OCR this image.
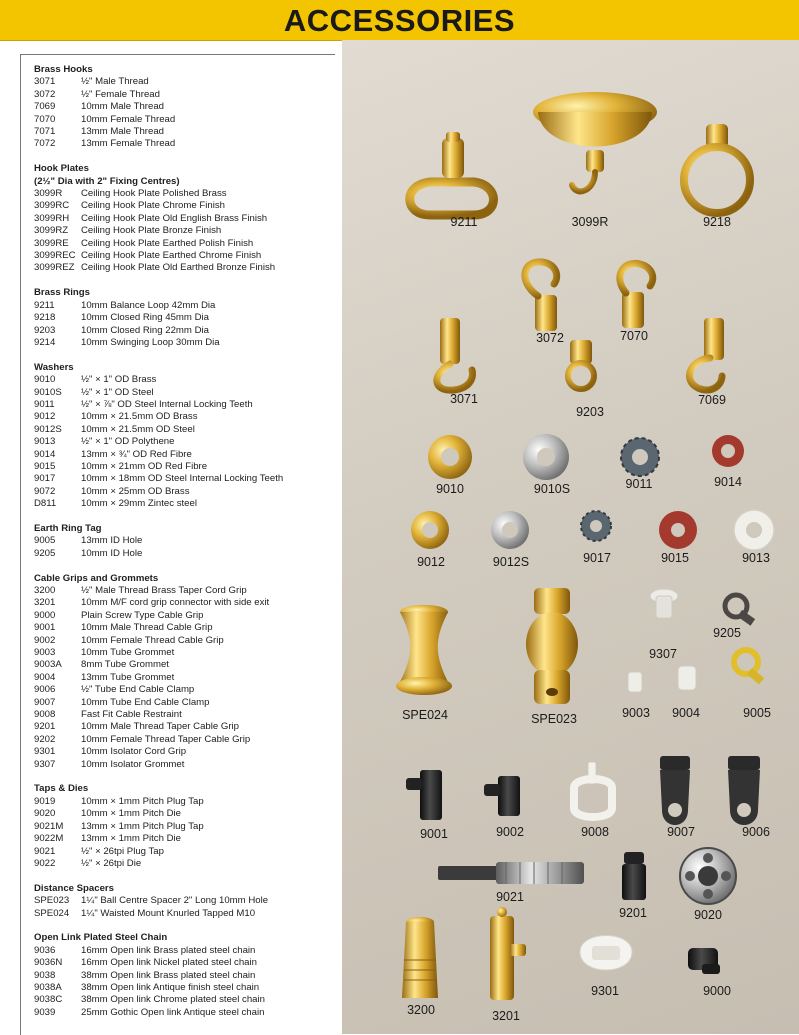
ACCESSORIES
Brass Hooks
3071	½" Male Thread
3072	½" Female Thread
7069	10mm Male Thread
7070	10mm Female Thread
7071	13mm Male Thread
7072	13mm Female Thread
Hook Plates
(2½" Dia with 2" Fixing Centres)
3099R Ceiling Hook Plate Polished Brass
3099RC Ceiling Hook Plate Chrome Finish
3099RH Ceiling Hook Plate Old English Brass Finish
3099RZ Ceiling Hook Plate Bronze Finish
3099RE Ceiling Hook Plate Earthed Polish Finish
3099REC Ceiling Hook Plate Earthed Chrome Finish
3099REZ Ceiling Hook Plate Old Earthed Bronze Finish
Brass Rings
9211	10mm Balance Loop 42mm Dia
9218	10mm Closed Ring 45mm Dia
9203	10mm Closed Ring 22mm Dia
9214	10mm Swinging Loop 30mm Dia
Washers
9010	½" × 1" OD Brass
9010S ½" × 1" OD Steel
9011	½" × ⅞" OD Steel Internal Locking Teeth
9012	10mm × 21.5mm OD Brass
9012S 10mm × 21.5mm OD Steel
9013	½" × 1" OD Polythene
9014	13mm × ¾" OD Red Fibre
9015	10mm × 21mm OD Red Fibre
9017	10mm × 18mm OD Steel Internal Locking Teeth
9072	10mm × 25mm OD Brass
D811	10mm × 29mm Zintec steel
Earth Ring Tag
9005	13mm ID Hole
9205	10mm ID Hole
Cable Grips and Grommets
3200	½" Male Thread Brass Taper Cord Grip
3201	10mm M/F cord grip connector with side exit
9000	Plain Screw Type Cable Grip
9001	10mm Male Thread Cable Grip
9002	10mm Female Thread Cable Grip
9003	10mm Tube Grommet
9003A 8mm Tube Grommet
9004	13mm Tube Grommet
9006	½" Tube End Cable Clamp
9007	10mm Tube End Cable Clamp
9008	Fast Fit Cable Restraint
9201	10mm Male Thread Taper Cable Grip
9202	10mm Female Thread Taper Cable Grip
9301	10mm Isolator Cord Grip
9307	10mm Isolator Grommet
Taps & Dies
9019	10mm × 1mm Pitch Plug Tap
9020	10mm × 1mm Pitch Die
9021M 13mm × 1mm Pitch Plug Tap
9022M 13mm × 1mm Pitch Die
9021	½" × 26tpi Plug Tap
9022	½" × 26tpi Die
Distance Spacers
SPE023 1¼" Ball Centre Spacer 2" Long 10mm Hole
SPE024 1¼" Waisted Mount Knurled Tapped M10
Open Link Plated Steel Chain
9036	16mm Open link Brass plated steel chain
9036N 16mm Open link Nickel plated steel chain
9038	38mm Open link Brass plated steel chain
9038A 38mm Open link Antique finish steel chain
9038C 38mm Open link Chrome plated steel chain
9039	25mm Gothic Open link Antique steel chain
9211	3099R	9218
3072	7070
3071
9203
7069
9010	9010S	9011	9014
9012	9012S	9017	9015	9013
SPE024	SPE023
9307
9205
9003 9004	9005
9001	9002	9008	9007	9006
9021
9201	9020
3200	3201
9301	9000
